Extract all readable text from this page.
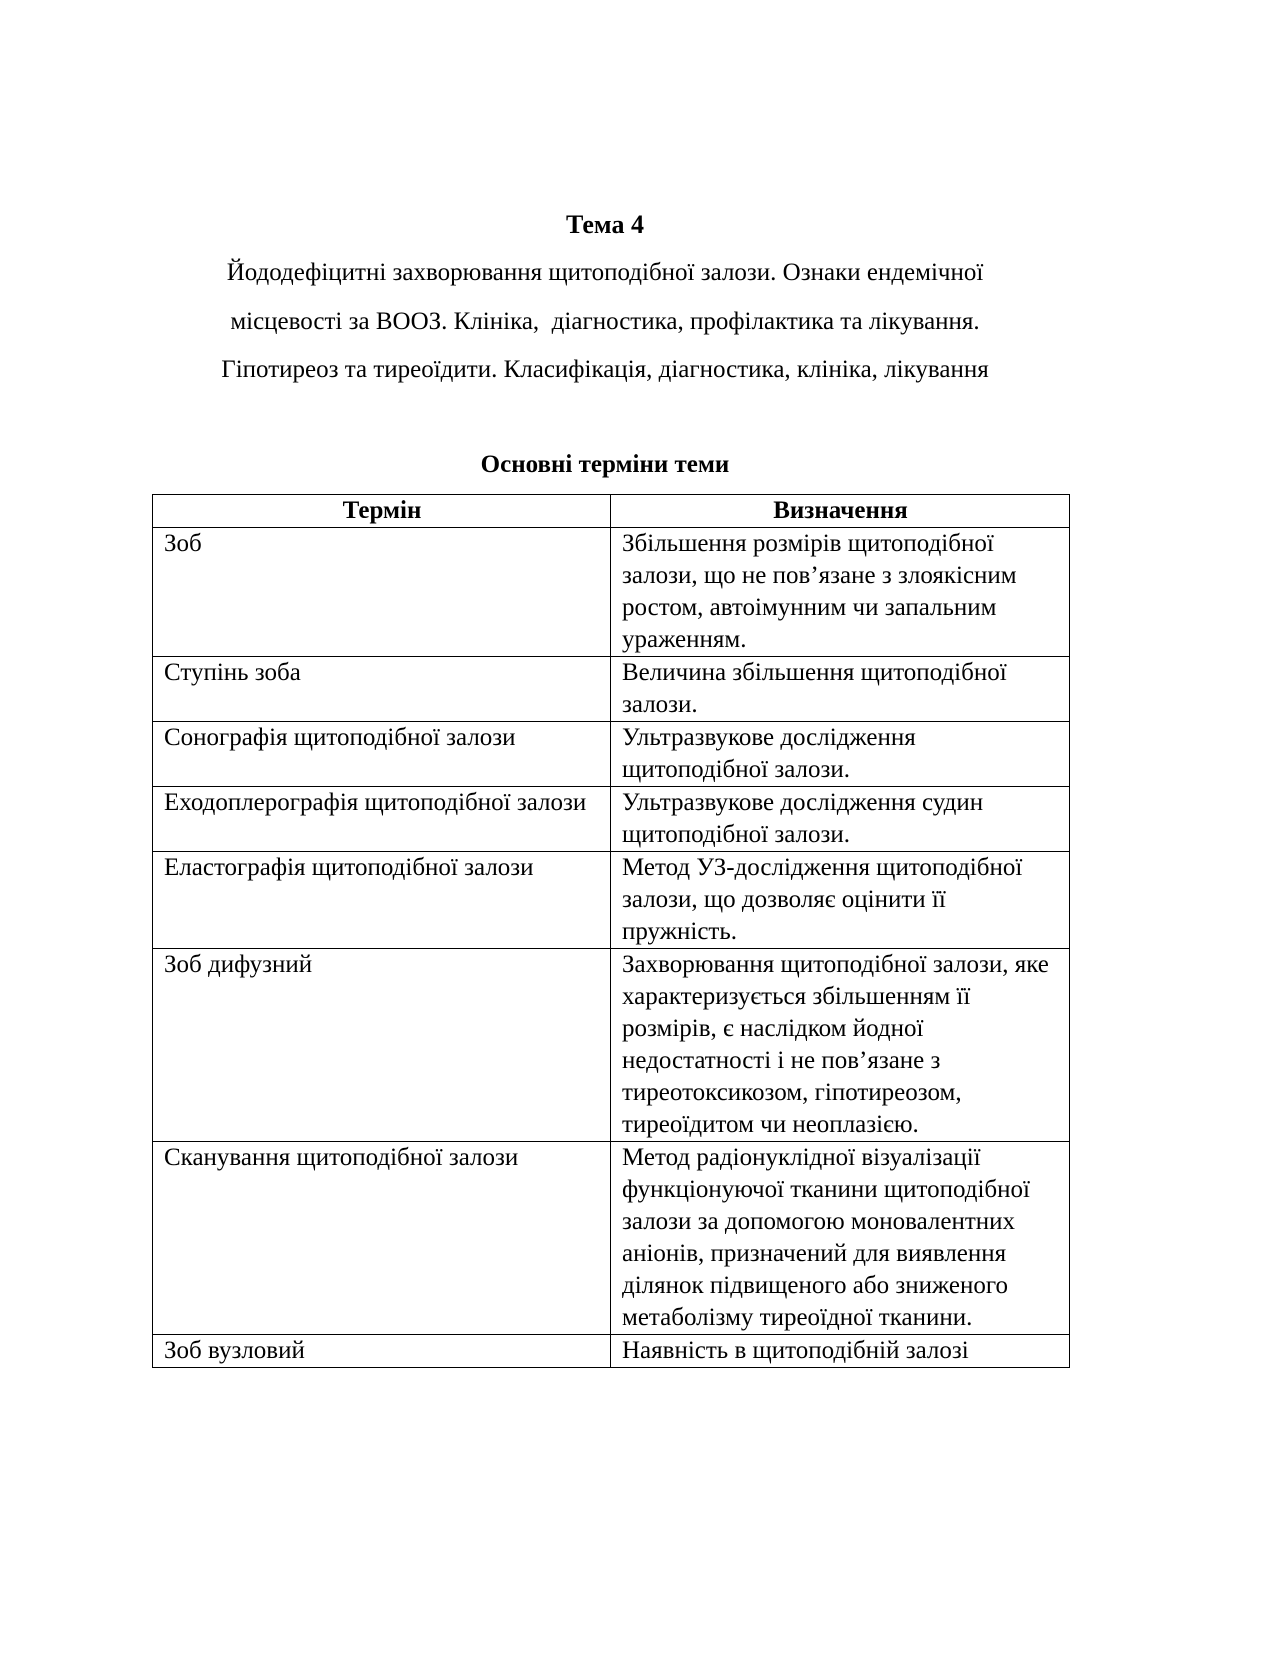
Тема 4

Йододефіцитні захворювання щитоподібної залози. Ознаки ендемічної

місцевості за ВООЗ. Клініка,  діагностика, профілактика та лікування.

Гіпотиреоз та тиреоїдити. Класифікація, діагностика, клініка, лікування

Основні терміни теми
Термін	Визначення
Зоб	Збільшення розмірів щитоподібної залози, що не пов’язане з злоякісним ростом, автоімунним чи запальним ураженням.
Ступінь зоба	Величина збільшення щитоподібної залози.
Сонографія щитоподібної залози	Ультразвукове дослідження щитоподібної залози.
Еходоплерографія щитоподібної залози	Ультразвукове дослідження судин щитоподібної залози.
Еластографія щитоподібної залози	Метод УЗ-дослідження щитоподібної залози, що дозволяє оцінити її пружність.
Зоб дифузний	Захворювання щитоподібної залози, яке характеризується збільшенням її розмірів, є наслідком йодної недостатності і не пов’язане з тиреотоксикозом, гіпотиреозом, тиреоїдитом чи неоплазією.
Сканування щитоподібної залози	Метод радіонуклідної візуалізації функціонуючої тканини щитоподібної залози за допомогою моновалентних аніонів, призначений для виявлення ділянок підвищеного або зниженого метаболізму тиреоїдної тканини.
Зоб вузловий	Наявність в щитоподібній залозі
